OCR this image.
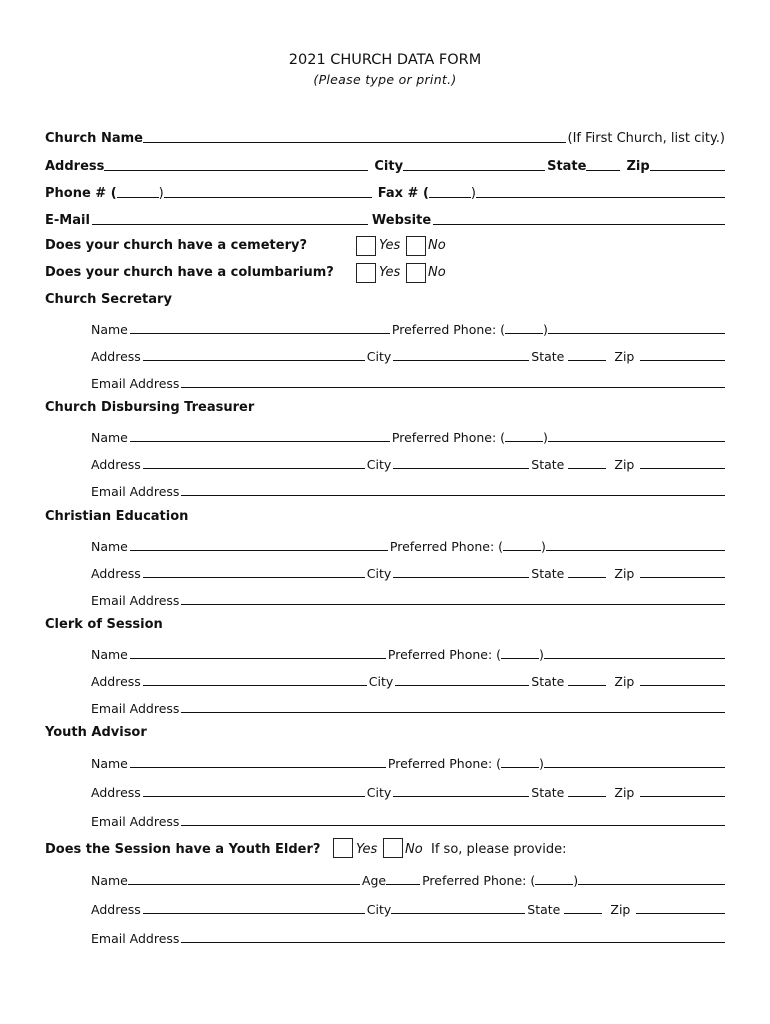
2021 CHURCH DATA FORM
(Please type or print.)
Church Name	(If First Church, list city.)
Address	City	State	Zip
Phone # (	)	Fax # (	)
E-Mail	Website
Does your church have a cemetery?	Yes No
Does your church have a columbarium?	Yes No
Church Secretary
Name	Preferred Phone: (	)
Address	City	State	Zip
Email Address
Church Disbursing Treasurer
Name	Preferred Phone: (	)
Address	City	State	Zip
Email Address
Christian Education
Name	Preferred Phone: (	)
Address	City	State	Zip
Email Address
Clerk of Session
Name	Preferred Phone: (	)
Address	City	State	Zip
Email Address
Youth Advisor
Name	Preferred Phone: (	)
Address	City	State	Zip
Email Address
Does the Session have a Youth Elder?	Yes No If so, please provide:
Name	Age	Preferred Phone: (	)
Address	City	State	Zip
Email Address
